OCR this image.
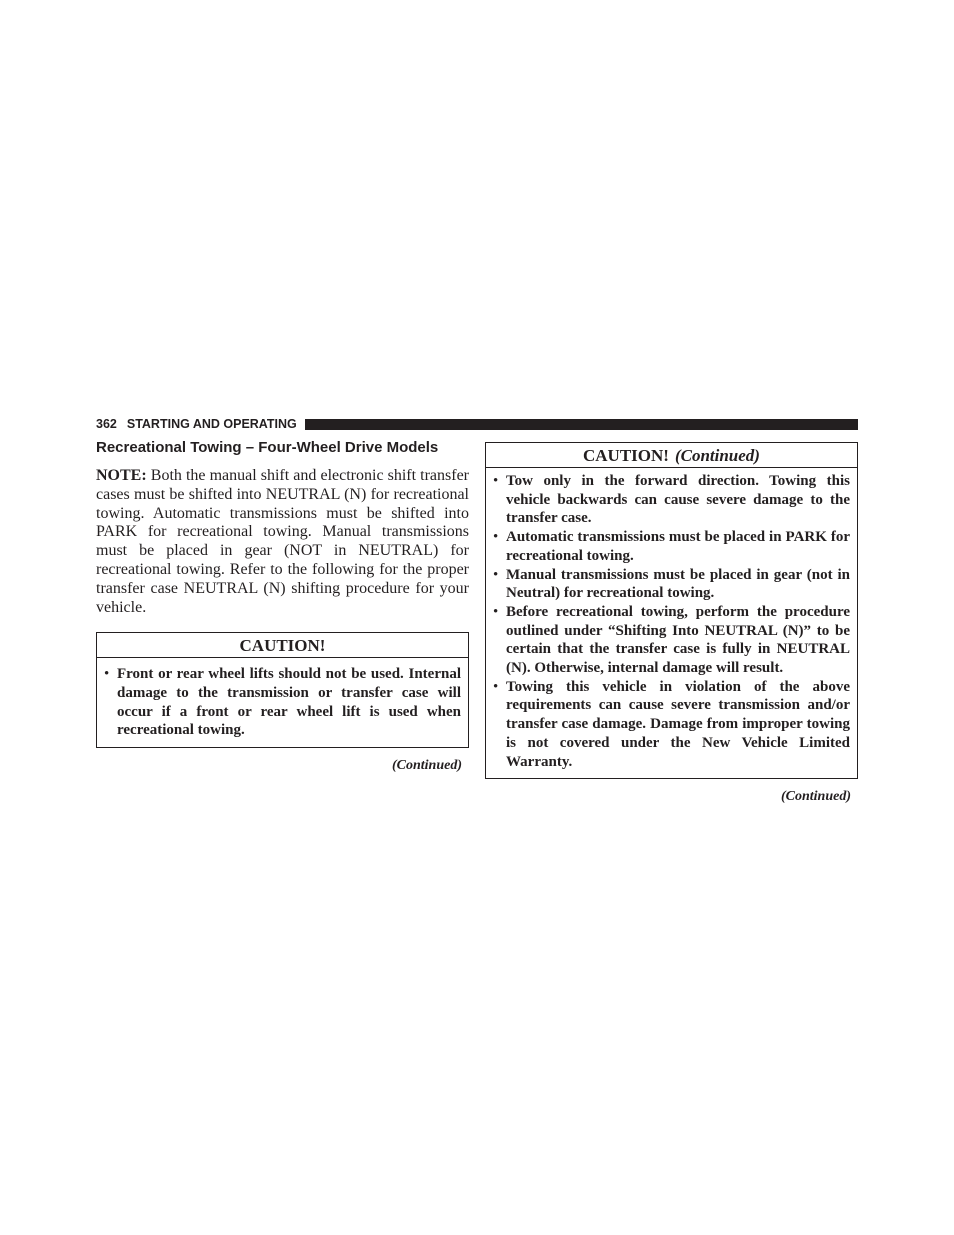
362 STARTING AND OPERATING
Recreational Towing – Four-Wheel Drive Models

NOTE: Both the manual shift and electronic shift transfer cases must be shifted into NEUTRAL (N) for recreational towing. Automatic transmissions must be shifted into PARK for recreational towing. Manual transmissions must be placed in gear (NOT in NEUTRAL) for recreational towing. Refer to the following for the proper transfer case NEUTRAL (N) shifting procedure for your vehicle.

CAUTION!
• Front or rear wheel lifts should not be used. Internal damage to the transmission or transfer case will occur if a front or rear wheel lift is used when recreational towing.
(Continued)
CAUTION! (Continued)
• Tow only in the forward direction. Towing this vehicle backwards can cause severe damage to the transfer case.
• Automatic transmissions must be placed in PARK for recreational towing.
• Manual transmissions must be placed in gear (not in Neutral) for recreational towing.
• Before recreational towing, perform the procedure outlined under “Shifting Into NEUTRAL (N)” to be certain that the transfer case is fully in NEUTRAL (N). Otherwise, internal damage will result.
• Towing this vehicle in violation of the above requirements can cause severe transmission and/or transfer case damage. Damage from improper towing is not covered under the New Vehicle Limited Warranty.
(Continued)
